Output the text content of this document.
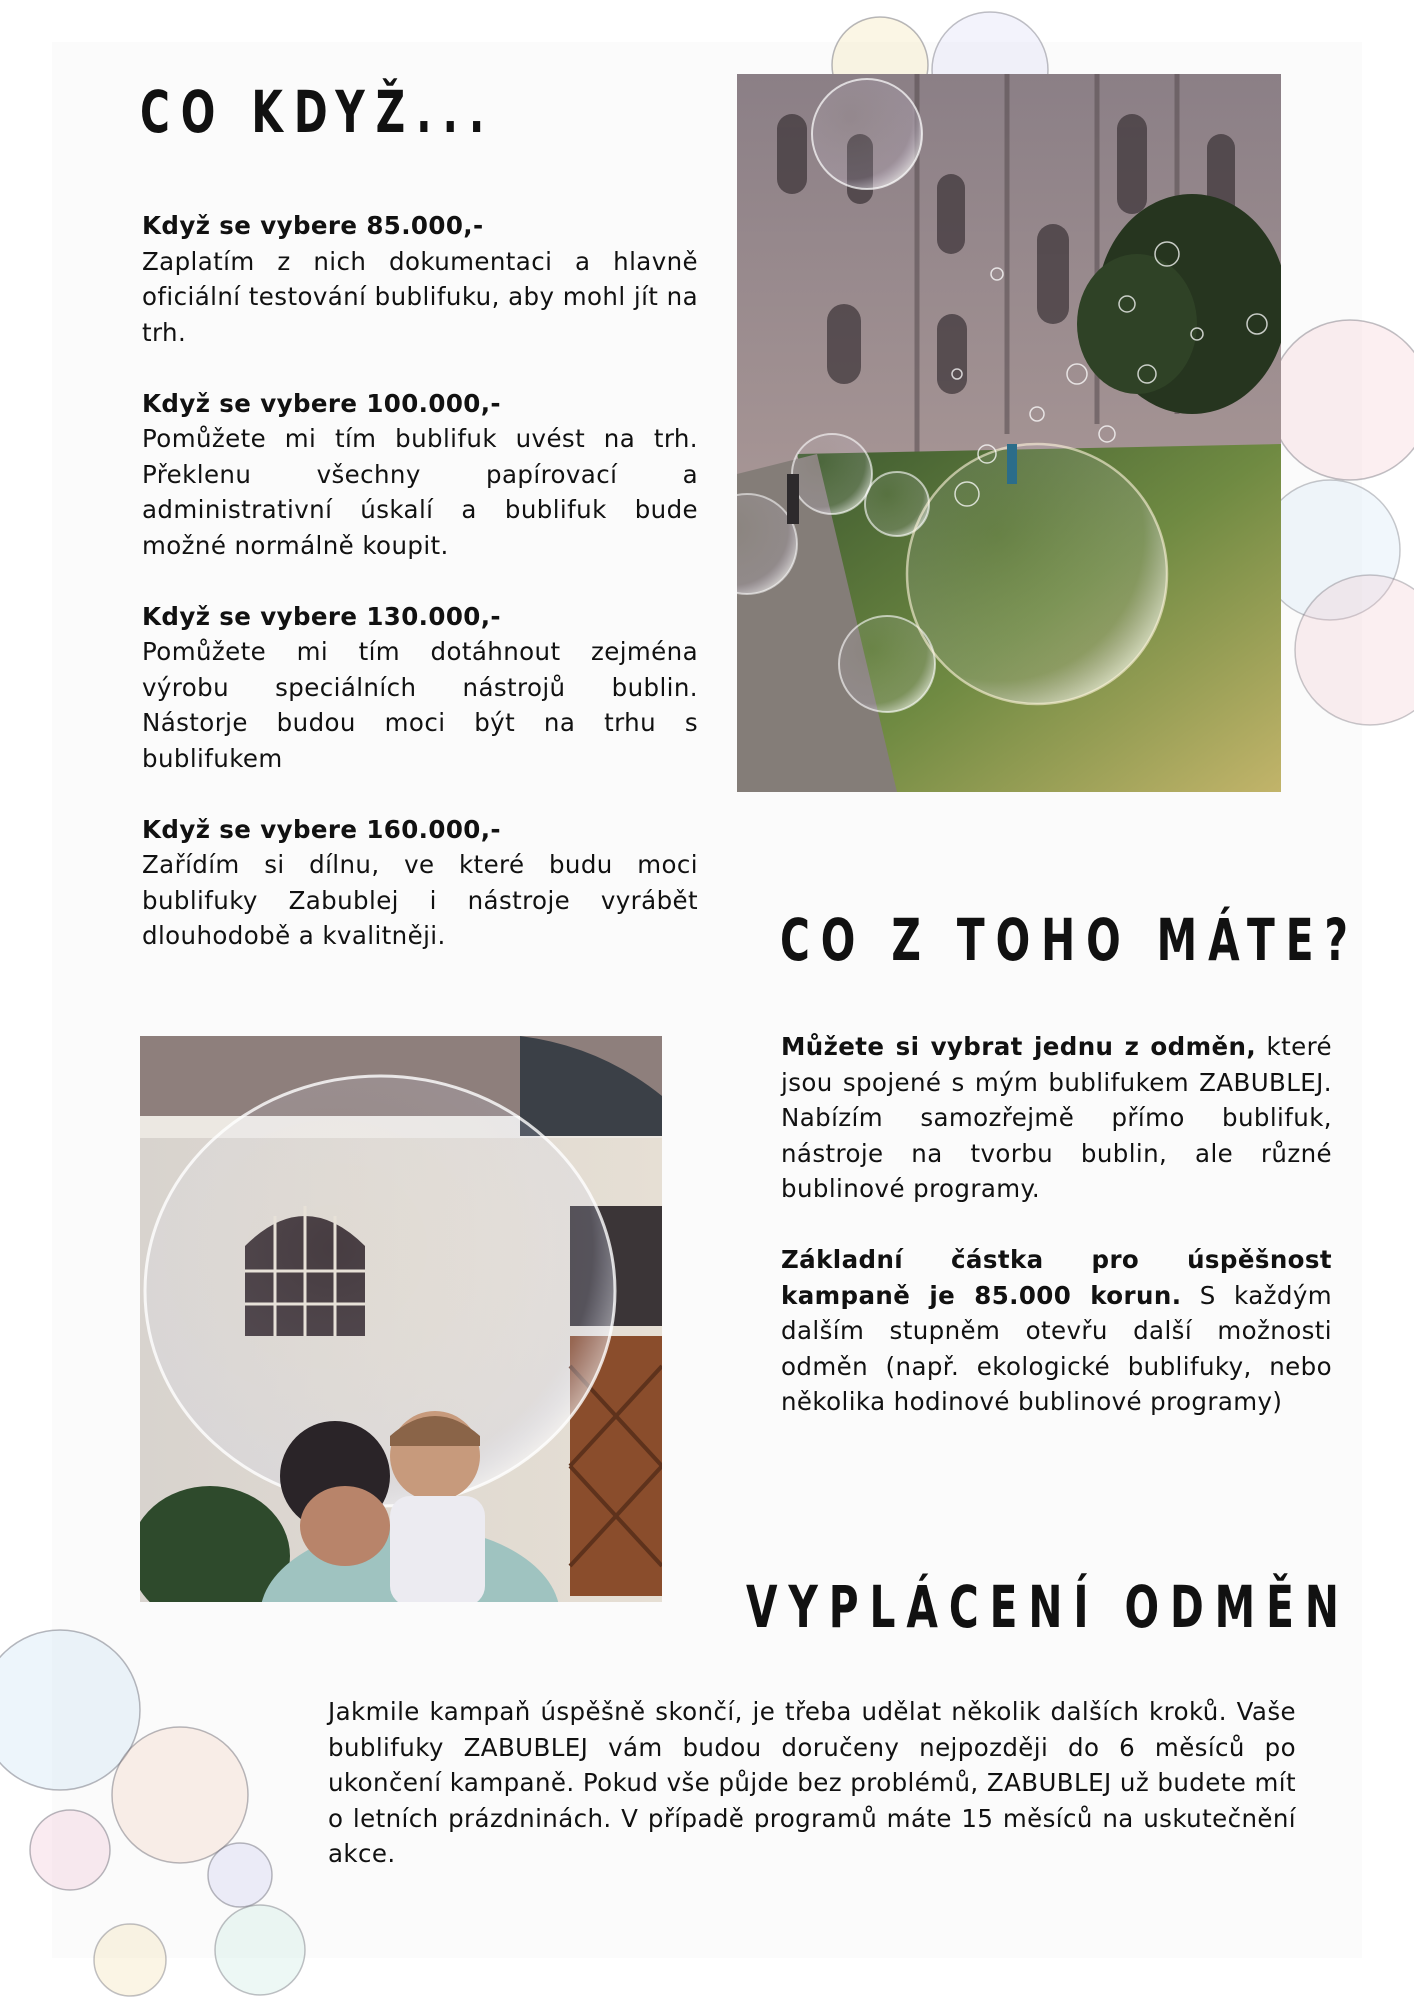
CO KDYŽ...

Když se vybere 85.000,-

Zaplatím z nich dokumentaci a hlavně oficiální testování bublifuku, aby mohl jít na trh.

Když se vybere 100.000,-

Pomůžete mi tím bublifuk uvést na trh. Překlenu všechny papírovací a administrativní úskalí a bublifuk bude možné normálně koupit.

Když se vybere 130.000,-

Pomůžete mi tím dotáhnout zejména výrobu speciálních nástrojů bublin. Nástorje budou moci být na trhu s bublifukem

Když se vybere 160.000,-

Zařídím si dílnu, ve které budu moci bublifuky Zabublej i nástroje vyrábět dlouhodobě a kvalitněji.	CO Z TOHO MÁTE?

Můžete si vybrat jednu z odměn, které jsou spojené s mým bublifukem ZABUBLEJ. Nabízím samozřejmě přímo bublifuk, nástroje na tvorbu bublin, ale různé bublinové programy.

Základní částka pro úspěšnost kampaně je 85.000 korun. S každým dalším stupněm otevřu další možnosti odměn (např. ekologické bublifuky, nebo několika hodinové bublinové programy)

VYPLÁCENÍ ODMĚN

Jakmile kampaň úspěšně skončí, je třeba udělat několik dalších kroků. Vaše bublifuky ZABUBLEJ vám budou doručeny nejpozději do 6 měsíců po ukončení kampaně. Pokud vše půjde bez problémů, ZABUBLEJ už budete mít o letních prázdninách. V případě programů máte 15 měsíců na uskutečnění akce.
